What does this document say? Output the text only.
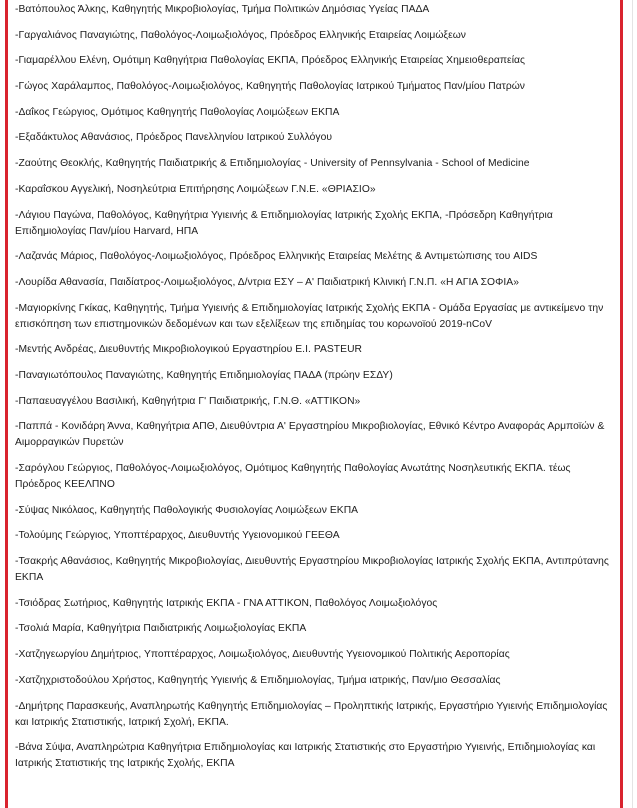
-Βατόπουλος Άλκης, Καθηγητής Μικροβιολογίας, Τμήμα Πολιτικών Δημόσιας Υγείας ΠΑΔΑ
-Γαργαλιάνος Παναγιώτης, Παθολόγος-Λοιμωξιολόγος, Πρόεδρος Ελληνικής Εταιρείας Λοιμώξεων
-Γιαμαρέλλου Ελένη, Ομότιμη Καθηγήτρια Παθολογίας ΕΚΠΑ, Πρόεδρος Ελληνικής Εταιρείας Χημειοθεραπείας
-Γώγος Χαράλαμπος, Παθολόγος-Λοιμωξιολόγος, Καθηγητής Παθολογίας Ιατρικού Τμήματος Παν/μίου Πατρών
-Δαΐκος Γεώργιος, Ομότιμος Καθηγητής Παθολογίας Λοιμώξεων ΕΚΠΑ
-Εξαδάκτυλος Αθανάσιος, Πρόεδρος Πανελληνίου Ιατρικού Συλλόγου
-Ζαούτης Θεοκλής, Καθηγητής Παιδιατρικής & Επιδημιολογίας - University of Pennsylvania - School of Medicine
-Καραΐσκου Αγγελική, Νοσηλεύτρια Επιτήρησης Λοιμώξεων Γ.Ν.Ε. «ΘΡΙΑΣΙΟ»
-Λάγιου Παγώνα, Παθολόγος, Καθηγήτρια Υγιεινής & Επιδημιολογίας Ιατρικής Σχολής ΕΚΠΑ, -Πρόσεδρη Καθηγήτρια Επιδημιολογίας Παν/μίου Harvard, ΗΠΑ
-Λαζανάς Μάριος, Παθολόγος-Λοιμωξιολόγος, Πρόεδρος Ελληνικής Εταιρείας Μελέτης & Αντιμετώπισης του AIDS
-Λουρίδα Αθανασία, Παιδίατρος-Λοιμωξιολόγος, Δ/ντρια ΕΣΥ – Α' Παιδιατρική Κλινική Γ.Ν.Π. «Η ΑΓΙΑ ΣΟΦΙΑ»
-Μαγιορκίνης Γκίκας, Καθηγητής, Τμήμα Υγιεινής & Επιδημιολογίας Ιατρικής Σχολής ΕΚΠΑ - Ομάδα Εργασίας με αντικείμενο την επισκόπηση των επιστημονικών δεδομένων και των εξελίξεων της επιδημίας του κορωνοϊού 2019-nCoV
-Μεντής Ανδρέας, Διευθυντής Μικροβιολογικού Εργαστηρίου Ε.Ι. PASTEUR
-Παναγιωτόπουλος Παναγιώτης, Καθηγητής Επιδημιολογίας ΠΑΔΑ (πρώην ΕΣΔΥ)
-Παπαευαγγέλου Βασιλική, Καθηγήτρια Γ' Παιδιατρικής, Γ.Ν.Θ. «ΑΤΤΙΚΟΝ»
-Παππά - Κονιδάρη Άννα, Καθηγήτρια ΑΠΘ, Διευθύντρια Α' Εργαστηρίου Μικροβιολογίας, Εθνικό Κέντρο Αναφοράς Αρμποϊών & Αιμορραγικών Πυρετών
-Σαρόγλου Γεώργιος, Παθολόγος-Λοιμωξιολόγος, Ομότιμος Καθηγητής Παθολογίας Ανωτάτης Νοσηλευτικής ΕΚΠΑ. τέως Πρόεδρος ΚΕΕΛΠΝΟ
-Σύψας Νικόλαος, Καθηγητής Παθολογικής Φυσιολογίας Λοιμώξεων ΕΚΠΑ
-Τολούμης Γεώργιος, Υποπτέραρχος, Διευθυντής Υγειονομικού ΓΕΕΘΑ
-Τσακρής Αθανάσιος, Καθηγητής Μικροβιολογίας, Διευθυντής Εργαστηρίου Μικροβιολογίας Ιατρικής Σχολής ΕΚΠΑ, Αντιπρύτανης ΕΚΠΑ
-Τσιόδρας Σωτήριος, Καθηγητής Ιατρικής ΕΚΠΑ - ΓΝΑ ΑΤΤΙΚΟΝ, Παθολόγος Λοιμωξιολόγος
-Τσολιά Μαρία, Καθηγήτρια Παιδιατρικής Λοιμωξιολογίας ΕΚΠΑ
-Χατζηγεωργίου Δημήτριος, Υποπτέραρχος, Λοιμωξιολόγος, Διευθυντής Υγειονομικού Πολιτικής Αεροπορίας
-Χατζηχριστοδούλου Χρήστος, Καθηγητής Υγιεινής & Επιδημιολογίας, Τμήμα ιατρικής, Παν/μιο Θεσσαλίας
-Δημήτρης Παρασκευής, Αναπληρωτής Καθηγητής Επιδημιολογίας – Προληπτικής Ιατρικής, Εργαστήριο Υγιεινής Επιδημιολογίας και Ιατρικής Στατιστικής, Ιατρική Σχολή, ΕΚΠΑ.
-Βάνα Σύψα, Αναπληρώτρια Καθηγήτρια Επιδημιολογίας και Ιατρικής Στατιστικής στο Εργαστήριο Υγιεινής, Επιδημιολογίας και Ιατρικής Στατιστικής της Ιατρικής Σχολής, ΕΚΠΑ
